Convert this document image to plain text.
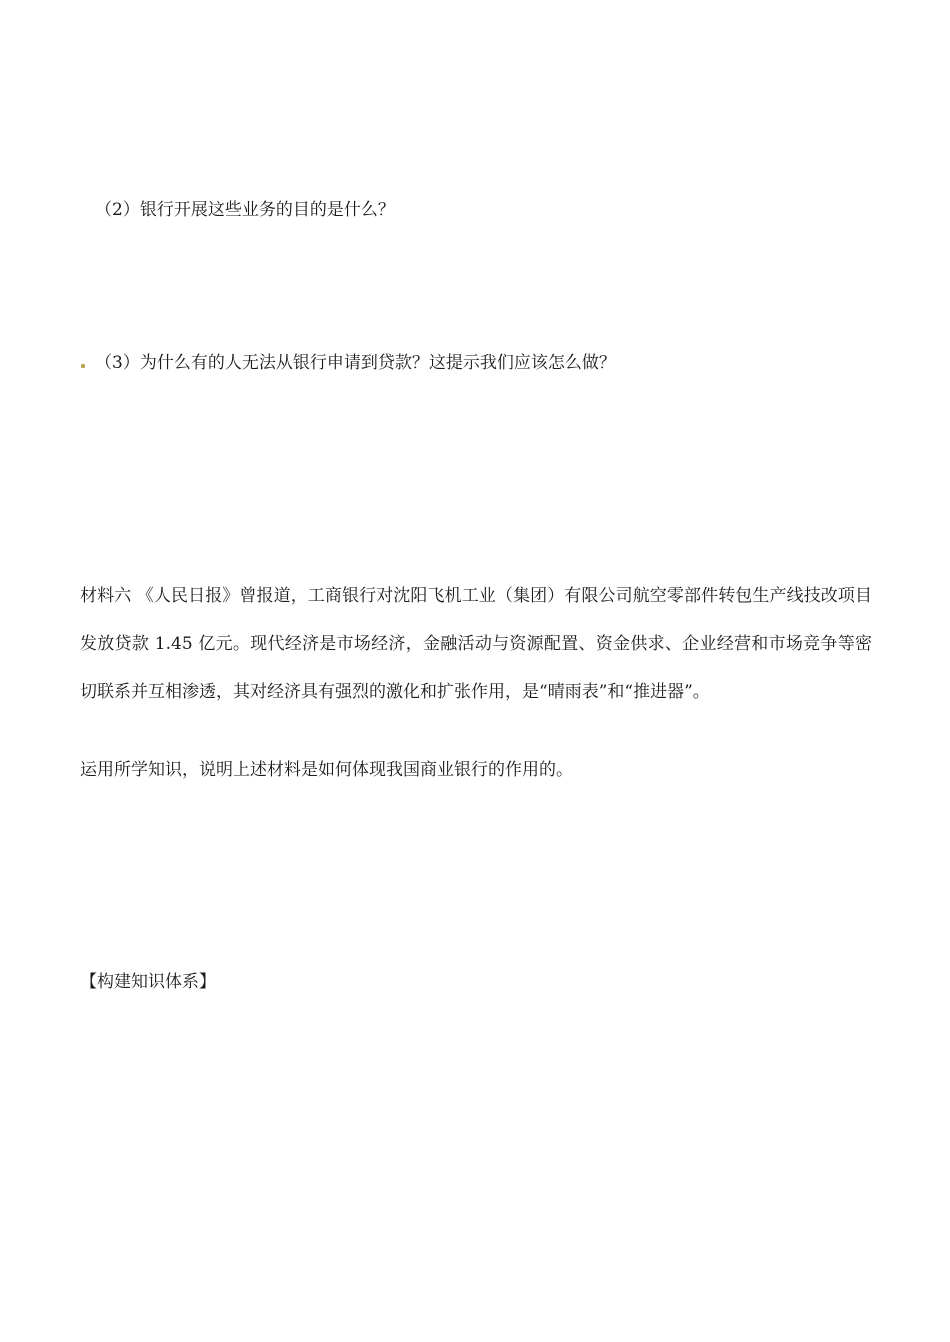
（2）银行开展这些业务的目的是什么？
（3）为什么有的人无法从银行申请到贷款？这提示我们应该怎么做？
材料六 《人民日报》曾报道，工商银行对沈阳飞机工业（集团）有限公司航空零部件转包生产线技改项目发放贷款 1.45 亿元。现代经济是市场经济，金融活动与资源配置、资金供求、企业经营和市场竞争等密切联系并互相渗透，其对经济具有强烈的激化和扩张作用，是“晴雨表”和“推进器”。
运用所学知识，说明上述材料是如何体现我国商业银行的作用的。
【构建知识体系】
